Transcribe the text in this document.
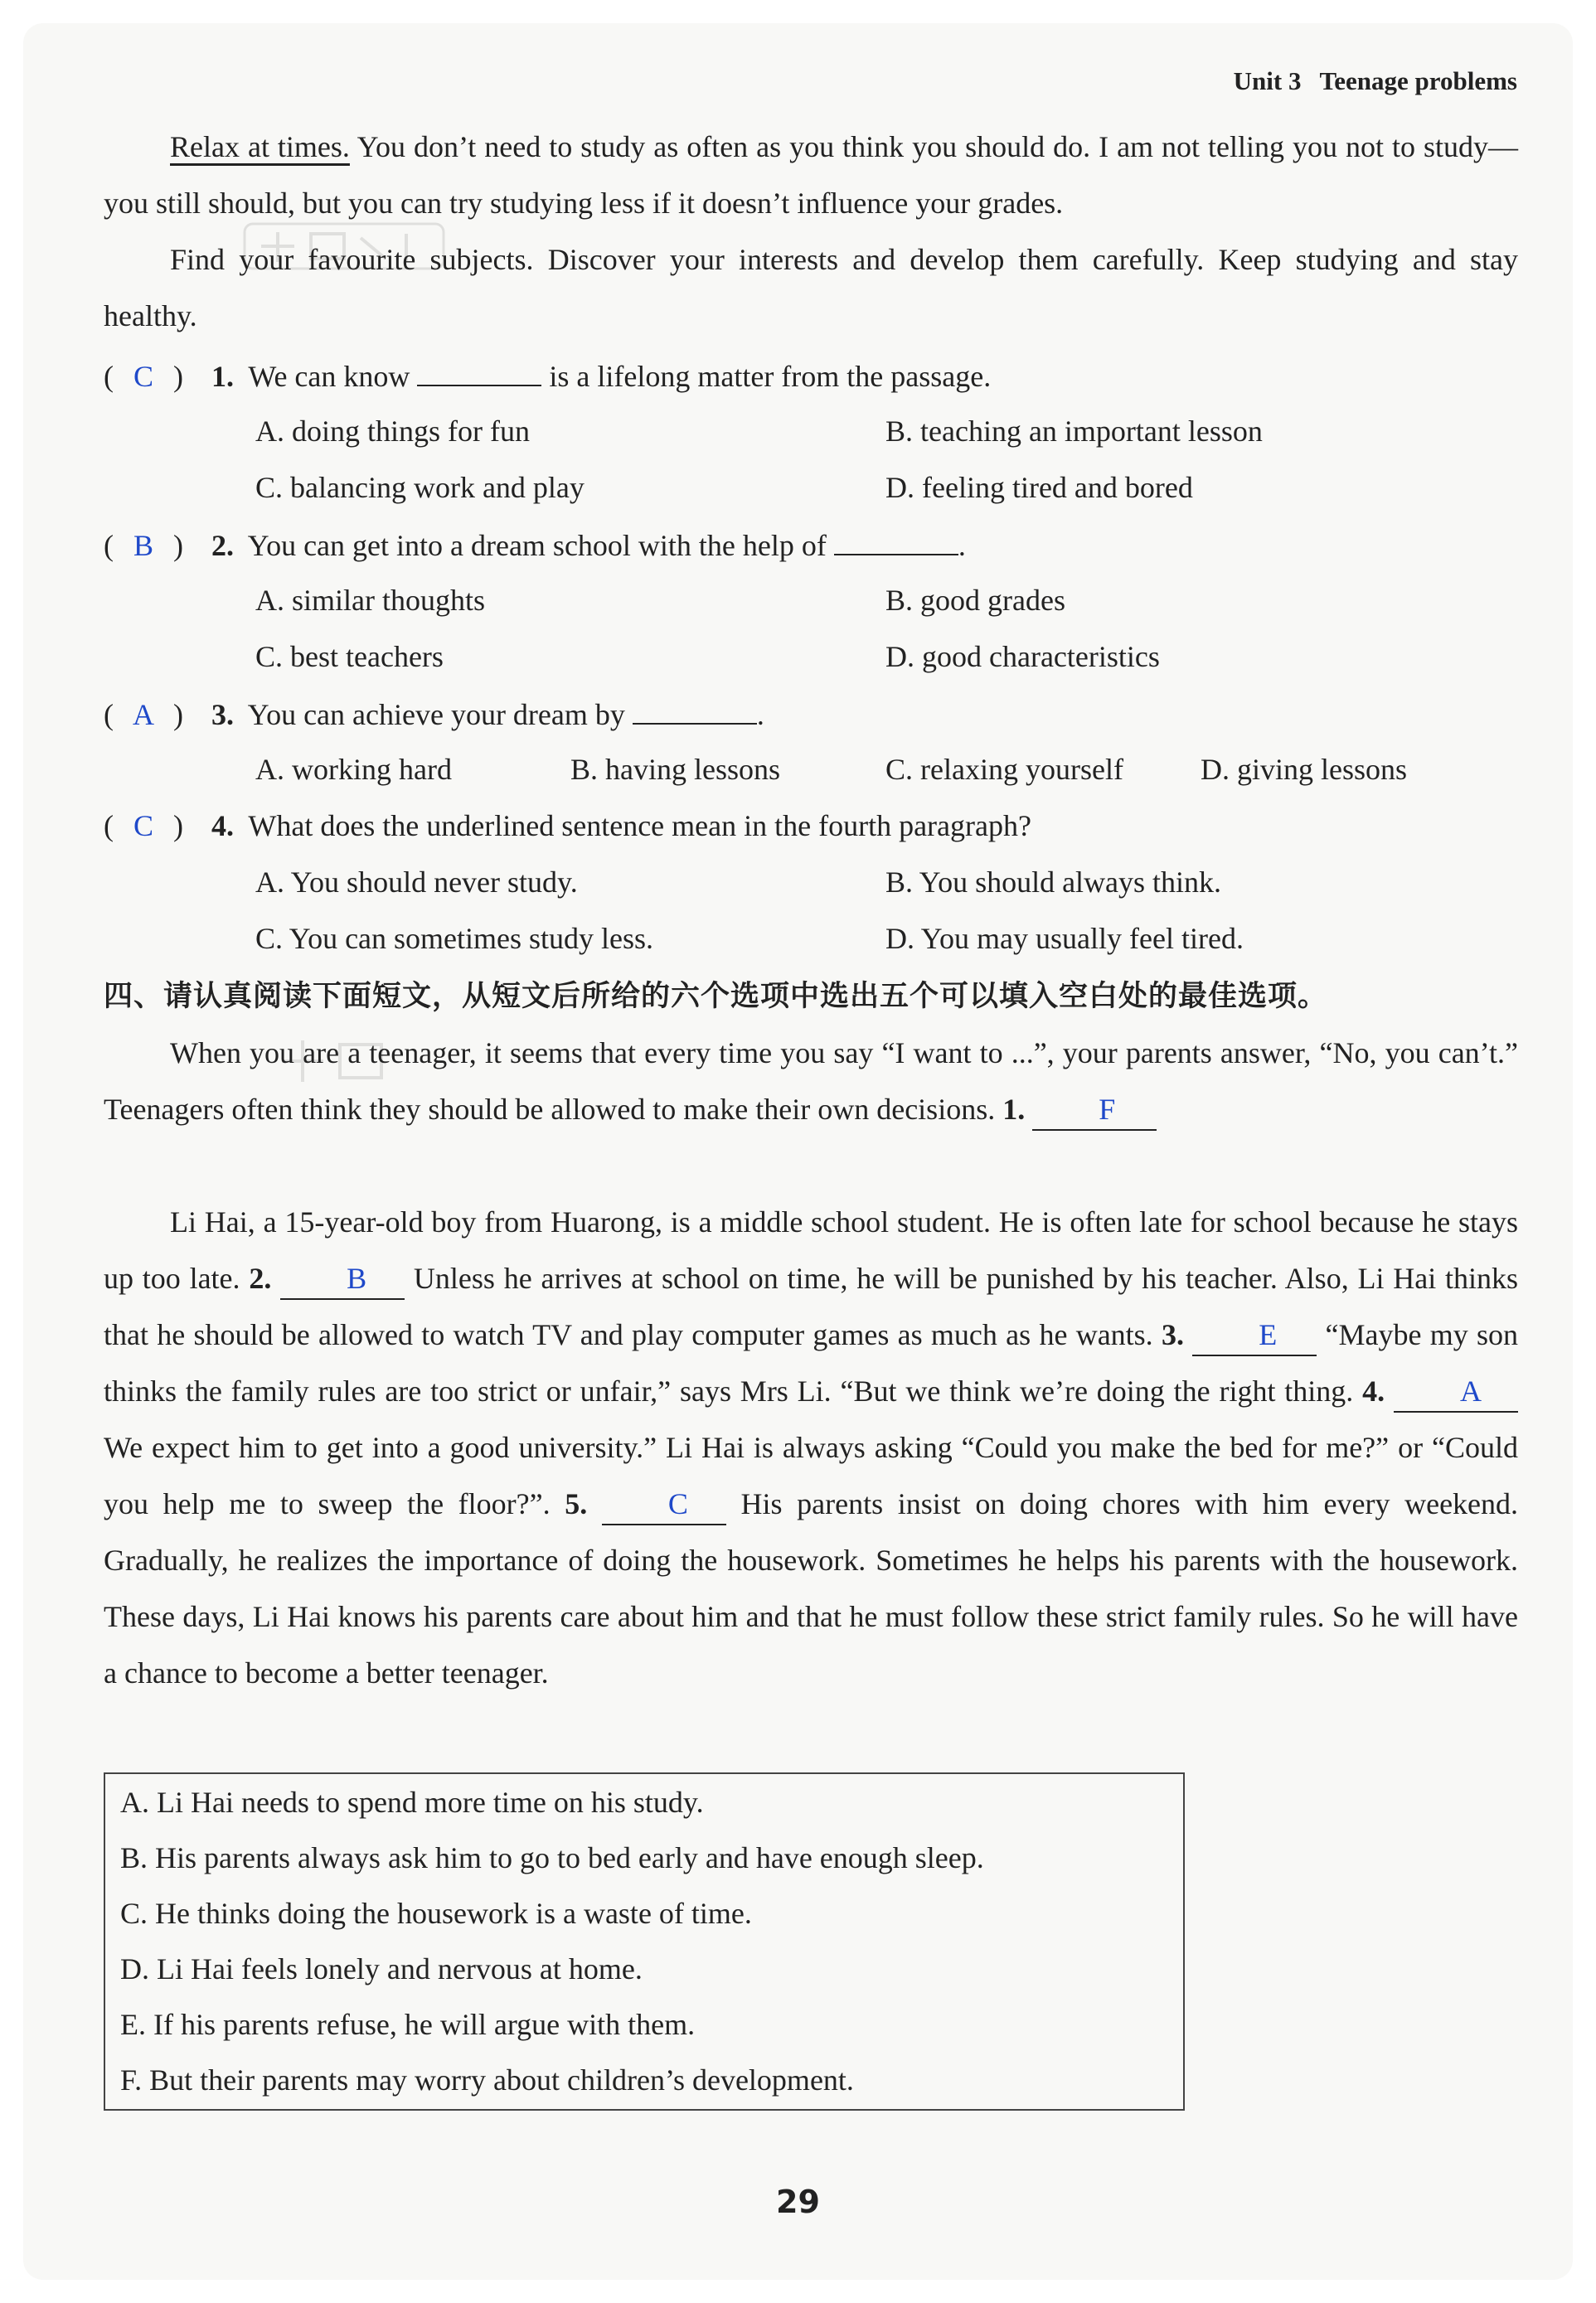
Unit 3 Teenage problems
Relax at times. You don’t need to study as often as you think you should do. I am not telling you not to study—you still should, but you can try studying less if it doesn’t influence your grades.
Find your favourite subjects. Discover your interests and develop them carefully. Keep studying and stay healthy.
( C ) 1. We can know	is a lifelong matter from the passage.
A. doing things for fun	B. teaching an important lesson
C. balancing work and play	D. feeling tired and bored
( B ) 2. You can get into a dream school with the help of	.
A. similar thoughts	B. good grades
C. best teachers	D. good characteristics
( A ) 3. You can achieve your dream by	.
A. working hard	B. having lessons	C. relaxing yourself	D. giving lessons
( C ) 4. What does the underlined sentence mean in the fourth paragraph?
A. You should never study.	B. You should always think.
C. You can sometimes study less.	D. You may usually feel tired.
四、请认真阅读下面短文，从短文后所给的六个选项中选出五个可以填入空白处的最佳选项。
When you are a teenager, it seems that every time you say “I want to ...”, your parents answer, “No, you can’t.” Teenagers often think they should be allowed to make their own decisions. 1. F
Li Hai, a 15-year-old boy from Huarong, is a middle school student. He is often late for school because he stays up too late. 2.	B Unless he arrives at school on time, he will be punished by his teacher. Also, Li Hai thinks that he should be allowed to watch TV and play computer games as much as he wants. 3.	E “Maybe my son thinks the family rules are too strict or unfair,” says Mrs Li. “But we think we’re doing the right thing. 4.	A We expect him to get into a good university.” Li Hai is always asking “Could you make the bed for me?” or “Could you help me to sweep the floor?”. 5.	C His parents insist on doing chores with him every weekend. Gradually, he realizes the importance of doing the housework. Sometimes he helps his parents with the housework. These days, Li Hai knows his parents care about him and that he must follow these strict family rules. So he will have a chance to become a better teenager.
A. Li Hai needs to spend more time on his study.
B. His parents always ask him to go to bed early and have enough sleep.
C. He thinks doing the housework is a waste of time.
D. Li Hai feels lonely and nervous at home.
E. If his parents refuse, he will argue with them.
F. But their parents may worry about children’s development.
29
